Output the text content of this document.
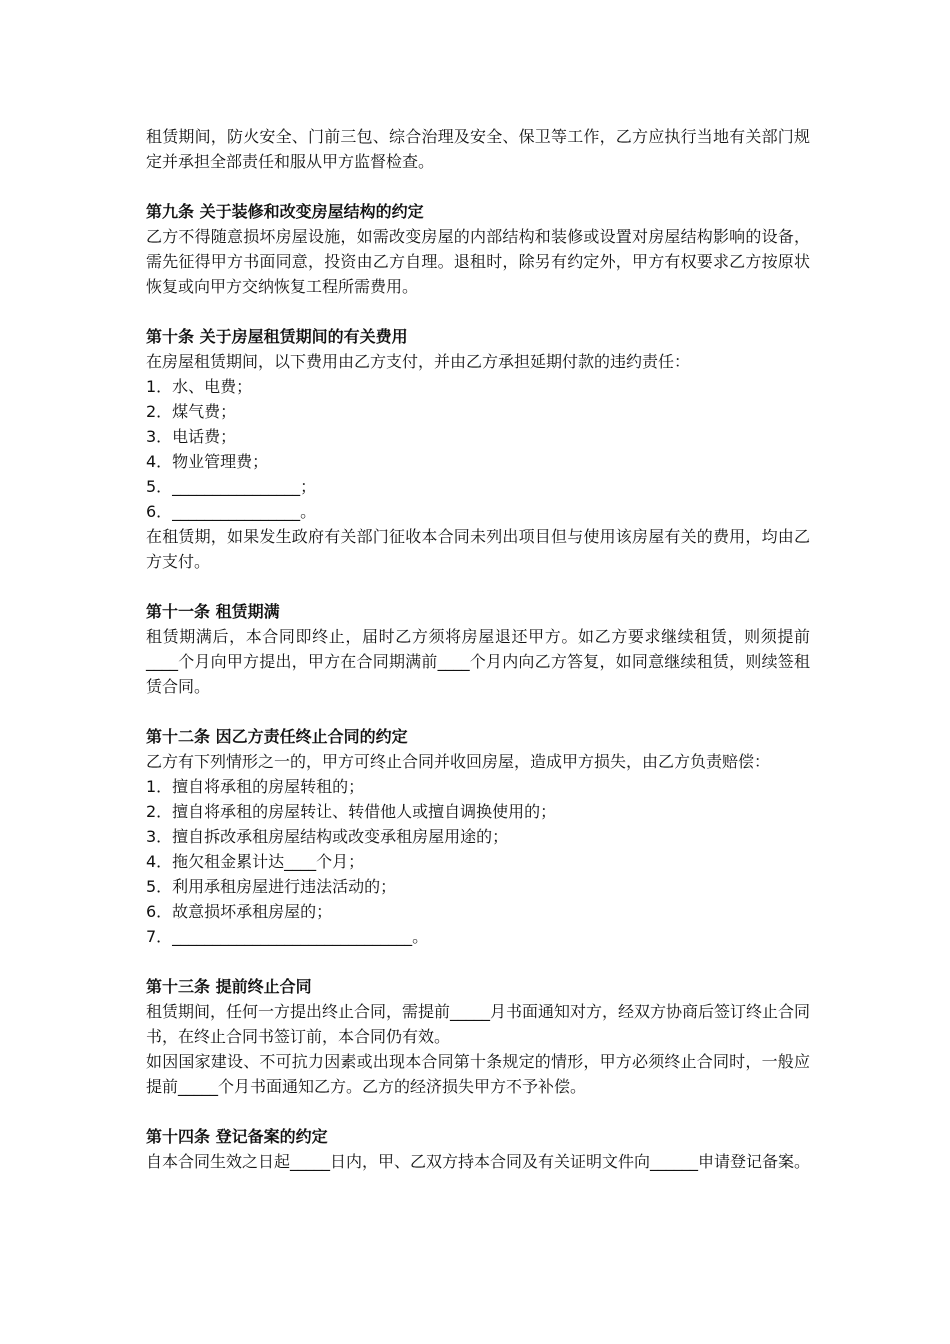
租赁期间，防火安全、门前三包、综合治理及安全、保卫等工作，乙方应执行当地有关部门规定并承担全部责任和服从甲方监督检查。

第九条 关于装修和改变房屋结构的约定

乙方不得随意损坏房屋设施，如需改变房屋的内部结构和装修或设置对房屋结构影响的设备，需先征得甲方书面同意，投资由乙方自理。退租时，除另有约定外，甲方有权要求乙方按原状恢复或向甲方交纳恢复工程所需费用。

第十条 关于房屋租赁期间的有关费用

在房屋租赁期间，以下费用由乙方支付，并由乙方承担延期付款的违约责任：

1．水、电费；

2．煤气费；

3．电话费；

4．物业管理费；

5．________________；

6．________________。

在租赁期，如果发生政府有关部门征收本合同未列出项目但与使用该房屋有关的费用，均由乙方支付。

第十一条 租赁期满

租赁期满后，本合同即终止，届时乙方须将房屋退还甲方。如乙方要求继续租赁，则须提前____个月向甲方提出，甲方在合同期满前____个月内向乙方答复，如同意继续租赁，则续签租赁合同。

第十二条 因乙方责任终止合同的约定

乙方有下列情形之一的，甲方可终止合同并收回房屋，造成甲方损失，由乙方负责赔偿：

1．擅自将承租的房屋转租的；

2．擅自将承租的房屋转让、转借他人或擅自调换使用的；

3．擅自拆改承租房屋结构或改变承租房屋用途的；

4．拖欠租金累计达____个月；

5．利用承租房屋进行违法活动的；

6．故意损坏承租房屋的；

7．______________________________。

第十三条 提前终止合同

租赁期间，任何一方提出终止合同，需提前_____月书面通知对方，经双方协商后签订终止合同书，在终止合同书签订前，本合同仍有效。

如因国家建设、不可抗力因素或出现本合同第十条规定的情形，甲方必须终止合同时，一般应提前_____个月书面通知乙方。乙方的经济损失甲方不予补偿。

第十四条 登记备案的约定

自本合同生效之日起_____日内，甲、乙双方持本合同及有关证明文件向______申请登记备案。
